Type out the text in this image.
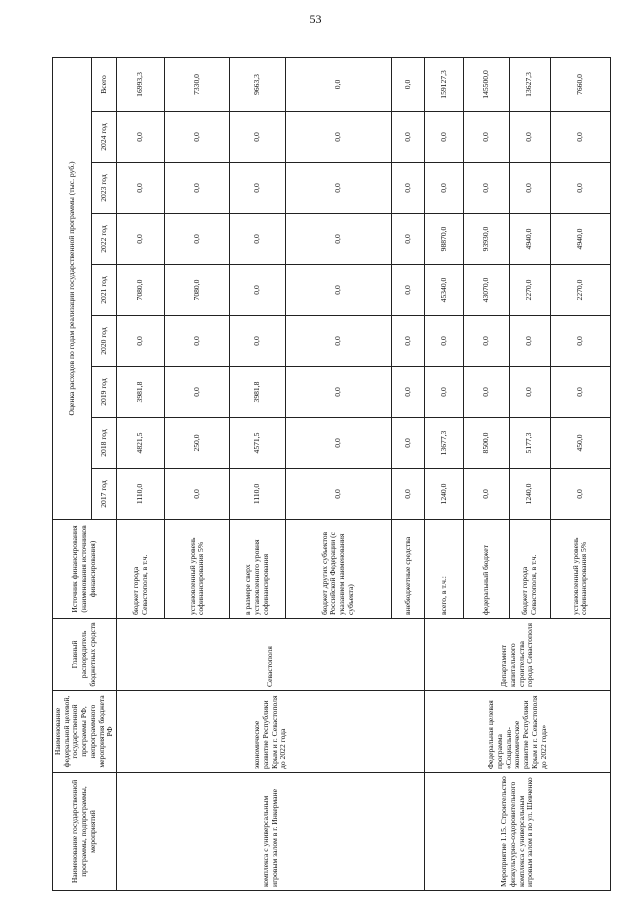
53
Наименование государственной программы, подпрограммы, мероприятий	Наименование федеральной целевой, государственной программы РФ, непрограммного мероприятия бюджета РФ	Главный распорядитель бюджетных средств	Источник финансирования (наименования источников финансирования)	Оценка расходов по годам реализации государственной программы (тыс. руб.)								
				2017 год	2018 год	2019 год	2020 год	2021 год	2022 год	2023 год	2024 год	Всего
комплекса с универсальным игровым залом в г. Инкермане	экономическое развитие Республики Крым и г. Севастополя до 2022 года	Севастополя	бюджет города Севастополя, в т.ч.	1110,0	4821,5	3981,8	0,0	7080,0	0,0	0,0	0,0	16993,3
			установленный уровень софинансирования 5%	0,0	250,0	0,0	0,0	7080,0	0,0	0,0	0,0	7330,0
			в размере сверх установленного уровня софинансирования	1110,0	4571,5	3981,8	0,0	0,0	0,0	0,0	0,0	9663,3
			бюджет других субъектов Российской Федерации (с указанием наименования субъекта)	0,0	0,0	0,0	0,0	0,0	0,0	0,0	0,0	0,0
			внебюджетные средства	0,0	0,0	0,0	0,0	0,0	0,0	0,0	0,0	0,0
Мероприятие 1.15. Строительство физкультурно-оздоровительного комплекса с универсальным игровым залом в по ул. Шевченко	Федеральная целевая программа «Социально-экономическое развитие Республики Крым и г. Севастополя до 2022 года»	Департамент капитального строительства города Севастополя	всего, в т.ч.:	1240,0	13677,3	0,0	0,0	45340,0	98870,0	0,0	0,0	159127,3
			федеральный бюджет	0,0	8500,0	0,0	0,0	43070,0	93930,0	0,0	0,0	145500,0
			бюджет города Севастополя, в т.ч.	1240,0	5177,3	0,0	0,0	2270,0	4940,0	0,0	0,0	13627,3
			установленный уровень софинансирования 5%	0,0	450,0	0,0	0,0	2270,0	4940,0	0,0	0,0	7660,0
